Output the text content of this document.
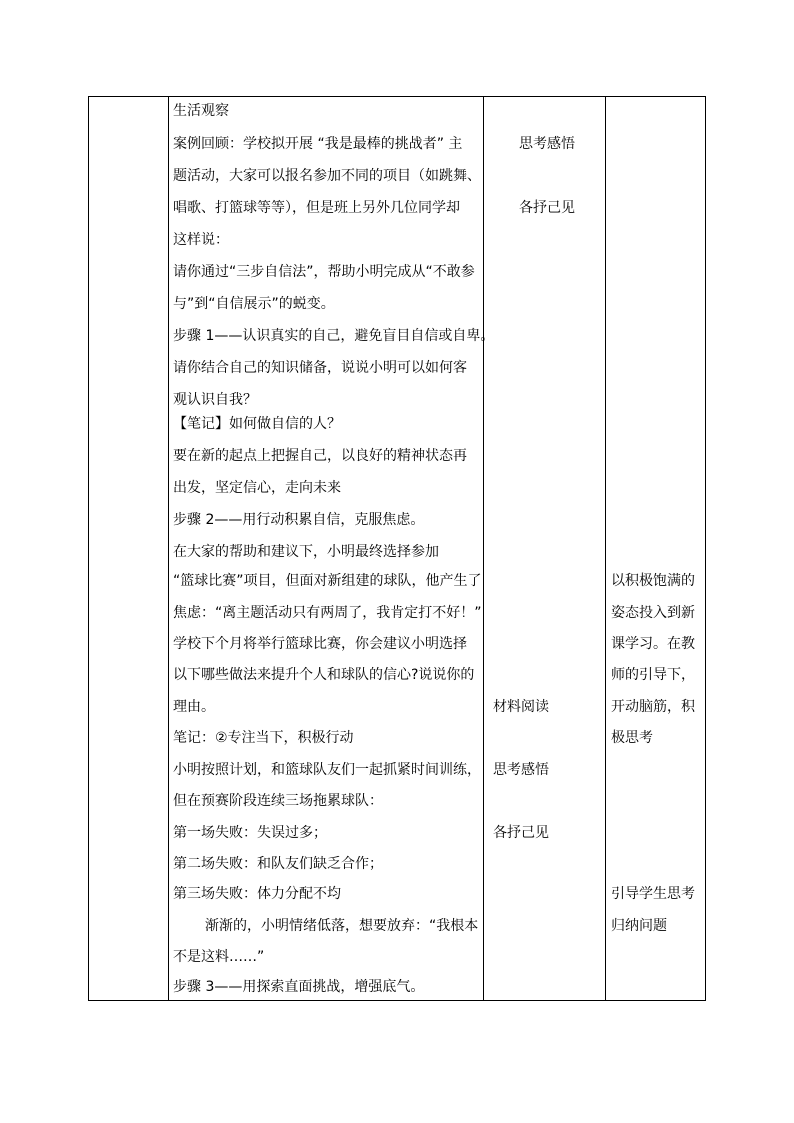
生活观察
案例回顾：学校拟开展 “我是最棒的挑战者” 主
题活动，大家可以报名参加不同的项目（如跳舞、
唱歌、打篮球等等），但是班上另外几位同学却
这样说：
请你通过“三步自信法”，帮助小明完成从“不敢参
与”到“自信展示”的蜕变。
步骤 1——认识真实的自己，避免盲目自信或自卑。
请你结合自己的知识储备，说说小明可以如何客
观认识自我？
【笔记】如何做自信的人？
要在新的起点上把握自己，以良好的精神状态再
出发，坚定信心，走向未来
步骤 2——用行动积累自信，克服焦虑。
在大家的帮助和建议下，小明最终选择参加
“篮球比赛”项目，但面对新组建的球队，他产生了
焦虑：“离主题活动只有两周了，我肯定打不好！”
学校下个月将举行篮球比赛，你会建议小明选择
以下哪些做法来提升个人和球队的信心?说说你的
理由。
笔记：②专注当下，积极行动
小明按照计划，和篮球队友们一起抓紧时间训练，
但在预赛阶段连续三场拖累球队：
第一场失败：失误过多；
第二场失败：和队友们缺乏合作；
第三场失败：体力分配不均
渐渐的，小明情绪低落，想要放弃：“我根本
不是这料……”
步骤 3——用探索直面挑战，增强底气。
思考感悟
各抒己见
材料阅读
思考感悟
各抒己见
以积极饱满的
姿态投入到新
课学习。在教
师的引导下，
开动脑筋，积
极思考
引导学生思考
归纳问题
